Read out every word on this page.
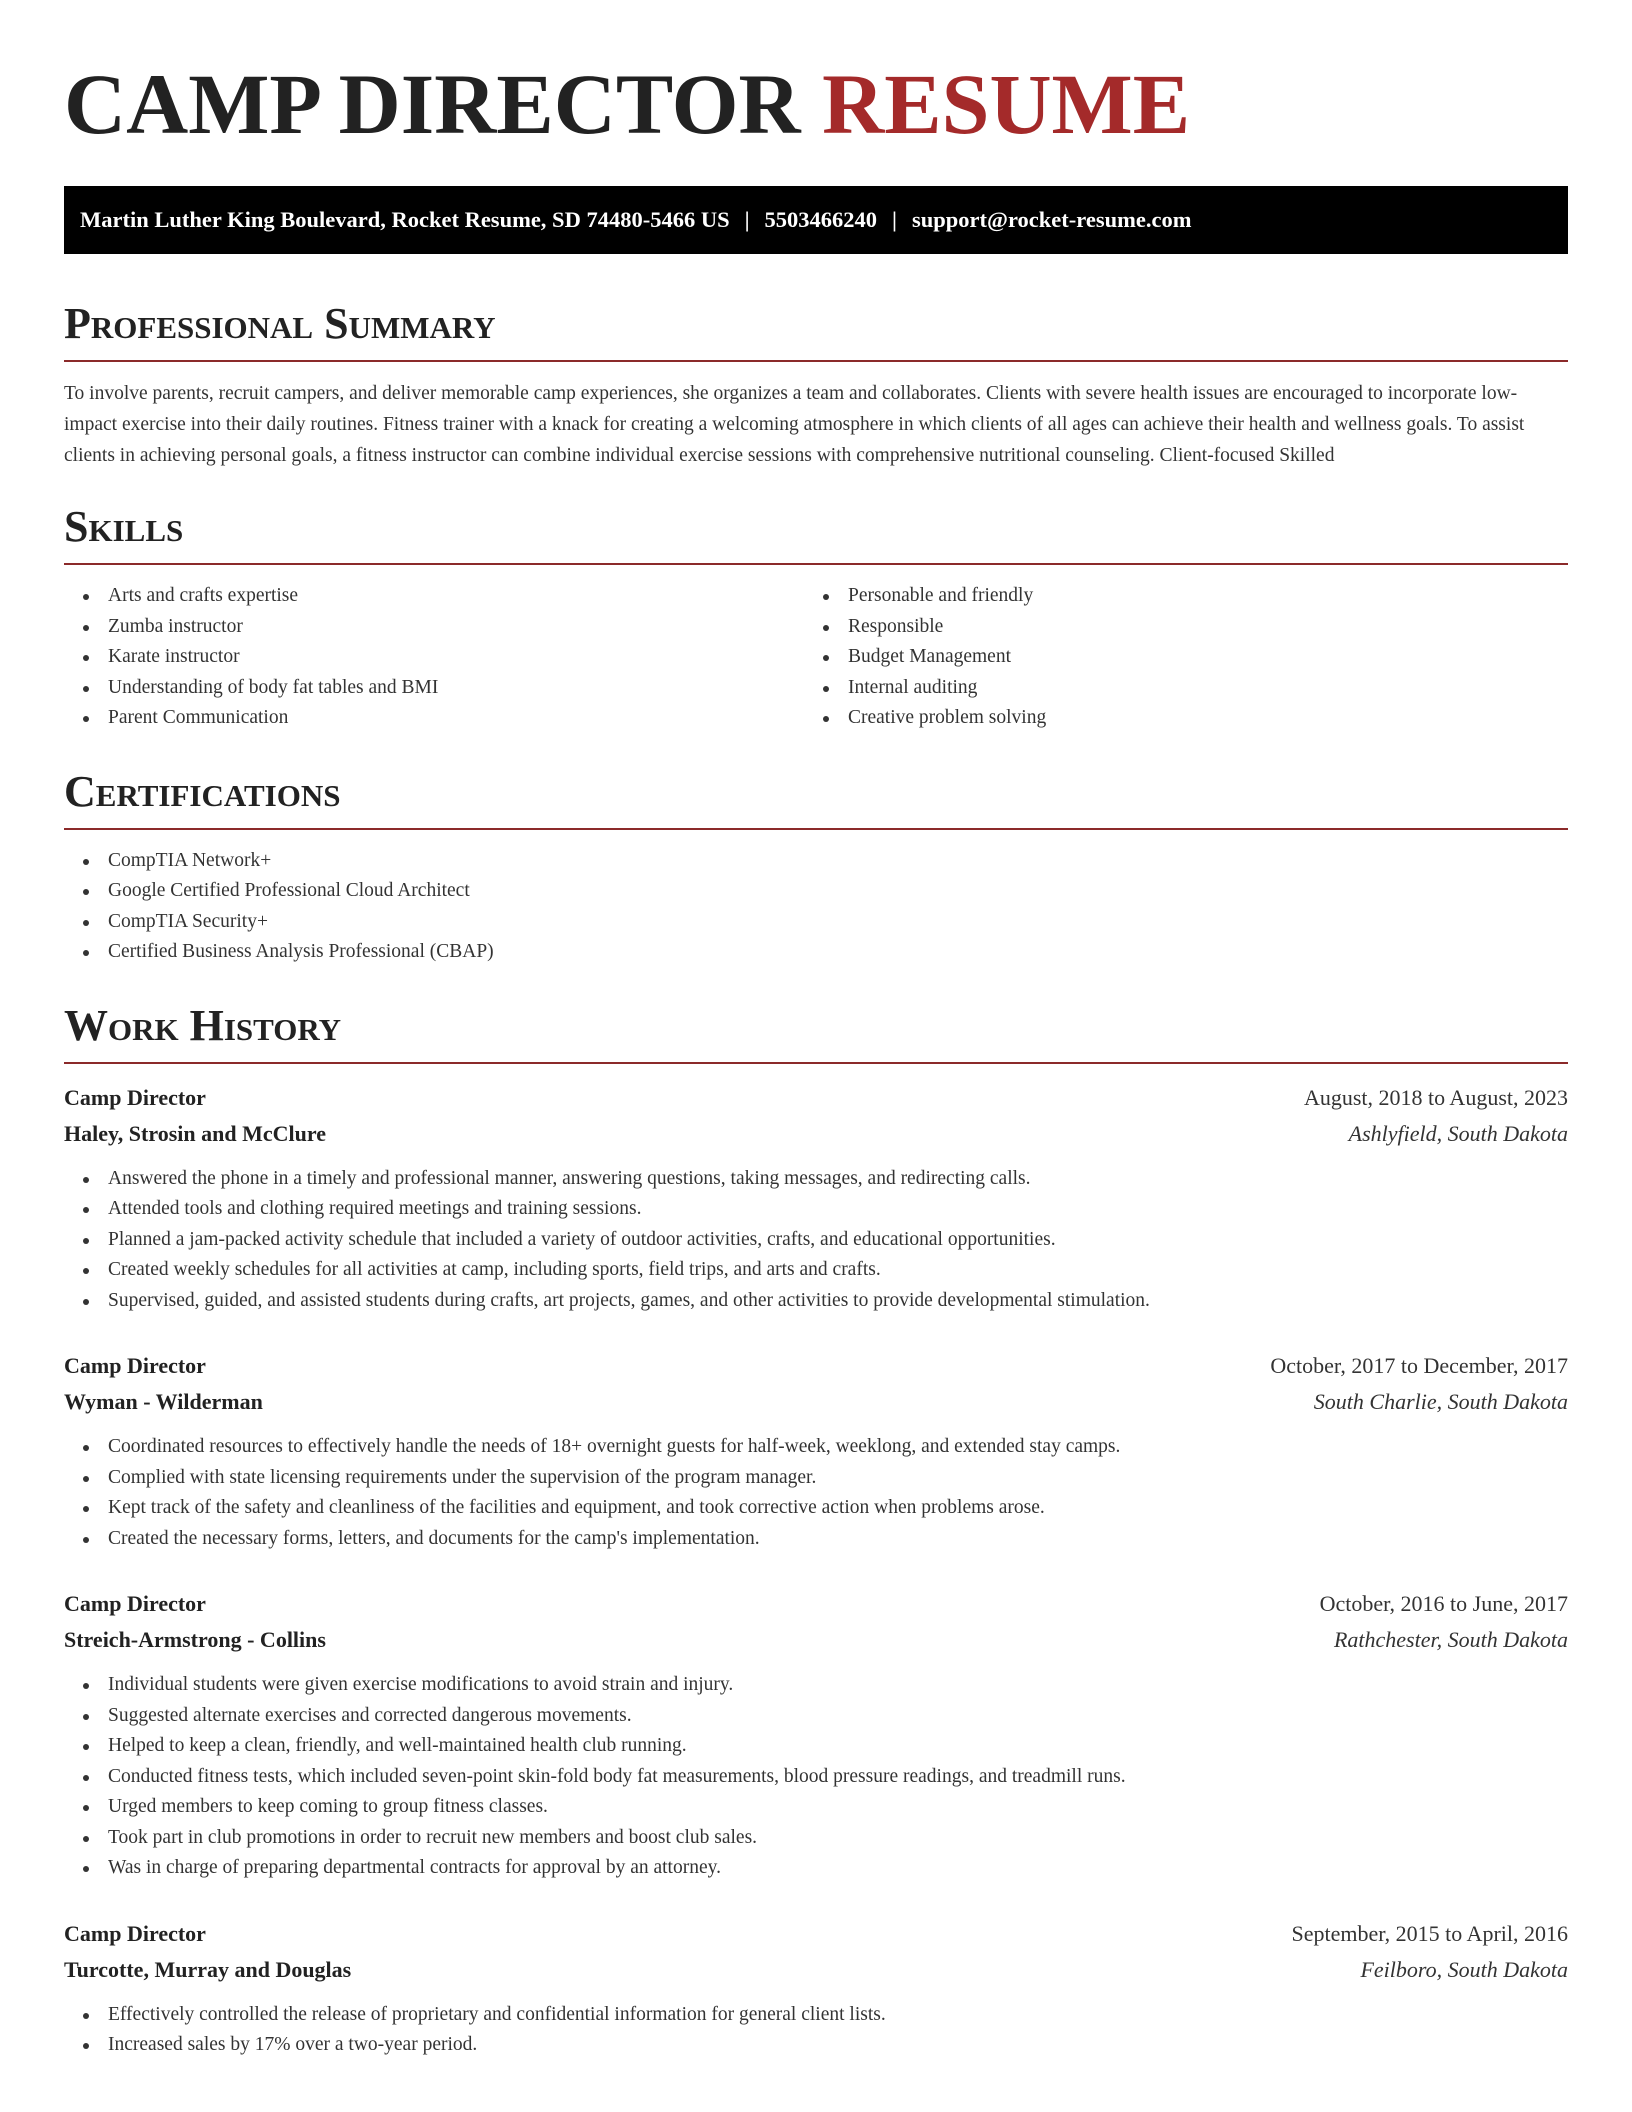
CAMP DIRECTOR RESUME
Martin Luther King Boulevard, Rocket Resume, SD 74480-5466 US | 5503466240 | support@rocket-resume.com
Professional Summary

To involve parents, recruit campers, and deliver memorable camp experiences, she organizes a team and collaborates. Clients with severe health issues are encouraged to incorporate low-impact exercise into their daily routines. Fitness trainer with a knack for creating a welcoming atmosphere in which clients of all ages can achieve their health and wellness goals. To assist clients in achieving personal goals, a fitness instructor can combine individual exercise sessions with comprehensive nutritional counseling. Client-focused Skilled

Skills
Arts and crafts expertise
Zumba instructor
Karate instructor
Understanding of body fat tables and BMI
Parent Communication
Personable and friendly
Responsible
Budget Management
Internal auditing
Creative problem solving
Certifications
CompTIA Network+
Google Certified Professional Cloud Architect
CompTIA Security+
Certified Business Analysis Professional (CBAP)
Work History
Camp Director	August, 2018 to August, 2023
Haley, Strosin and McClure	Ashlyfield, South Dakota
Answered the phone in a timely and professional manner, answering questions, taking messages, and redirecting calls.
Attended tools and clothing required meetings and training sessions.
Planned a jam-packed activity schedule that included a variety of outdoor activities, crafts, and educational opportunities.
Created weekly schedules for all activities at camp, including sports, field trips, and arts and crafts.
Supervised, guided, and assisted students during crafts, art projects, games, and other activities to provide developmental stimulation.
Camp Director	October, 2017 to December, 2017
Wyman - Wilderman	South Charlie, South Dakota
Coordinated resources to effectively handle the needs of 18+ overnight guests for half-week, weeklong, and extended stay camps.
Complied with state licensing requirements under the supervision of the program manager.
Kept track of the safety and cleanliness of the facilities and equipment, and took corrective action when problems arose.
Created the necessary forms, letters, and documents for the camp's implementation.
Camp Director	October, 2016 to June, 2017
Streich-Armstrong - Collins	Rathchester, South Dakota
Individual students were given exercise modifications to avoid strain and injury.
Suggested alternate exercises and corrected dangerous movements.
Helped to keep a clean, friendly, and well-maintained health club running.
Conducted fitness tests, which included seven-point skin-fold body fat measurements, blood pressure readings, and treadmill runs.
Urged members to keep coming to group fitness classes.
Took part in club promotions in order to recruit new members and boost club sales.
Was in charge of preparing departmental contracts for approval by an attorney.
Camp Director	September, 2015 to April, 2016
Turcotte, Murray and Douglas	Feilboro, South Dakota
Effectively controlled the release of proprietary and confidential information for general client lists.
Increased sales by 17% over a two-year period.
